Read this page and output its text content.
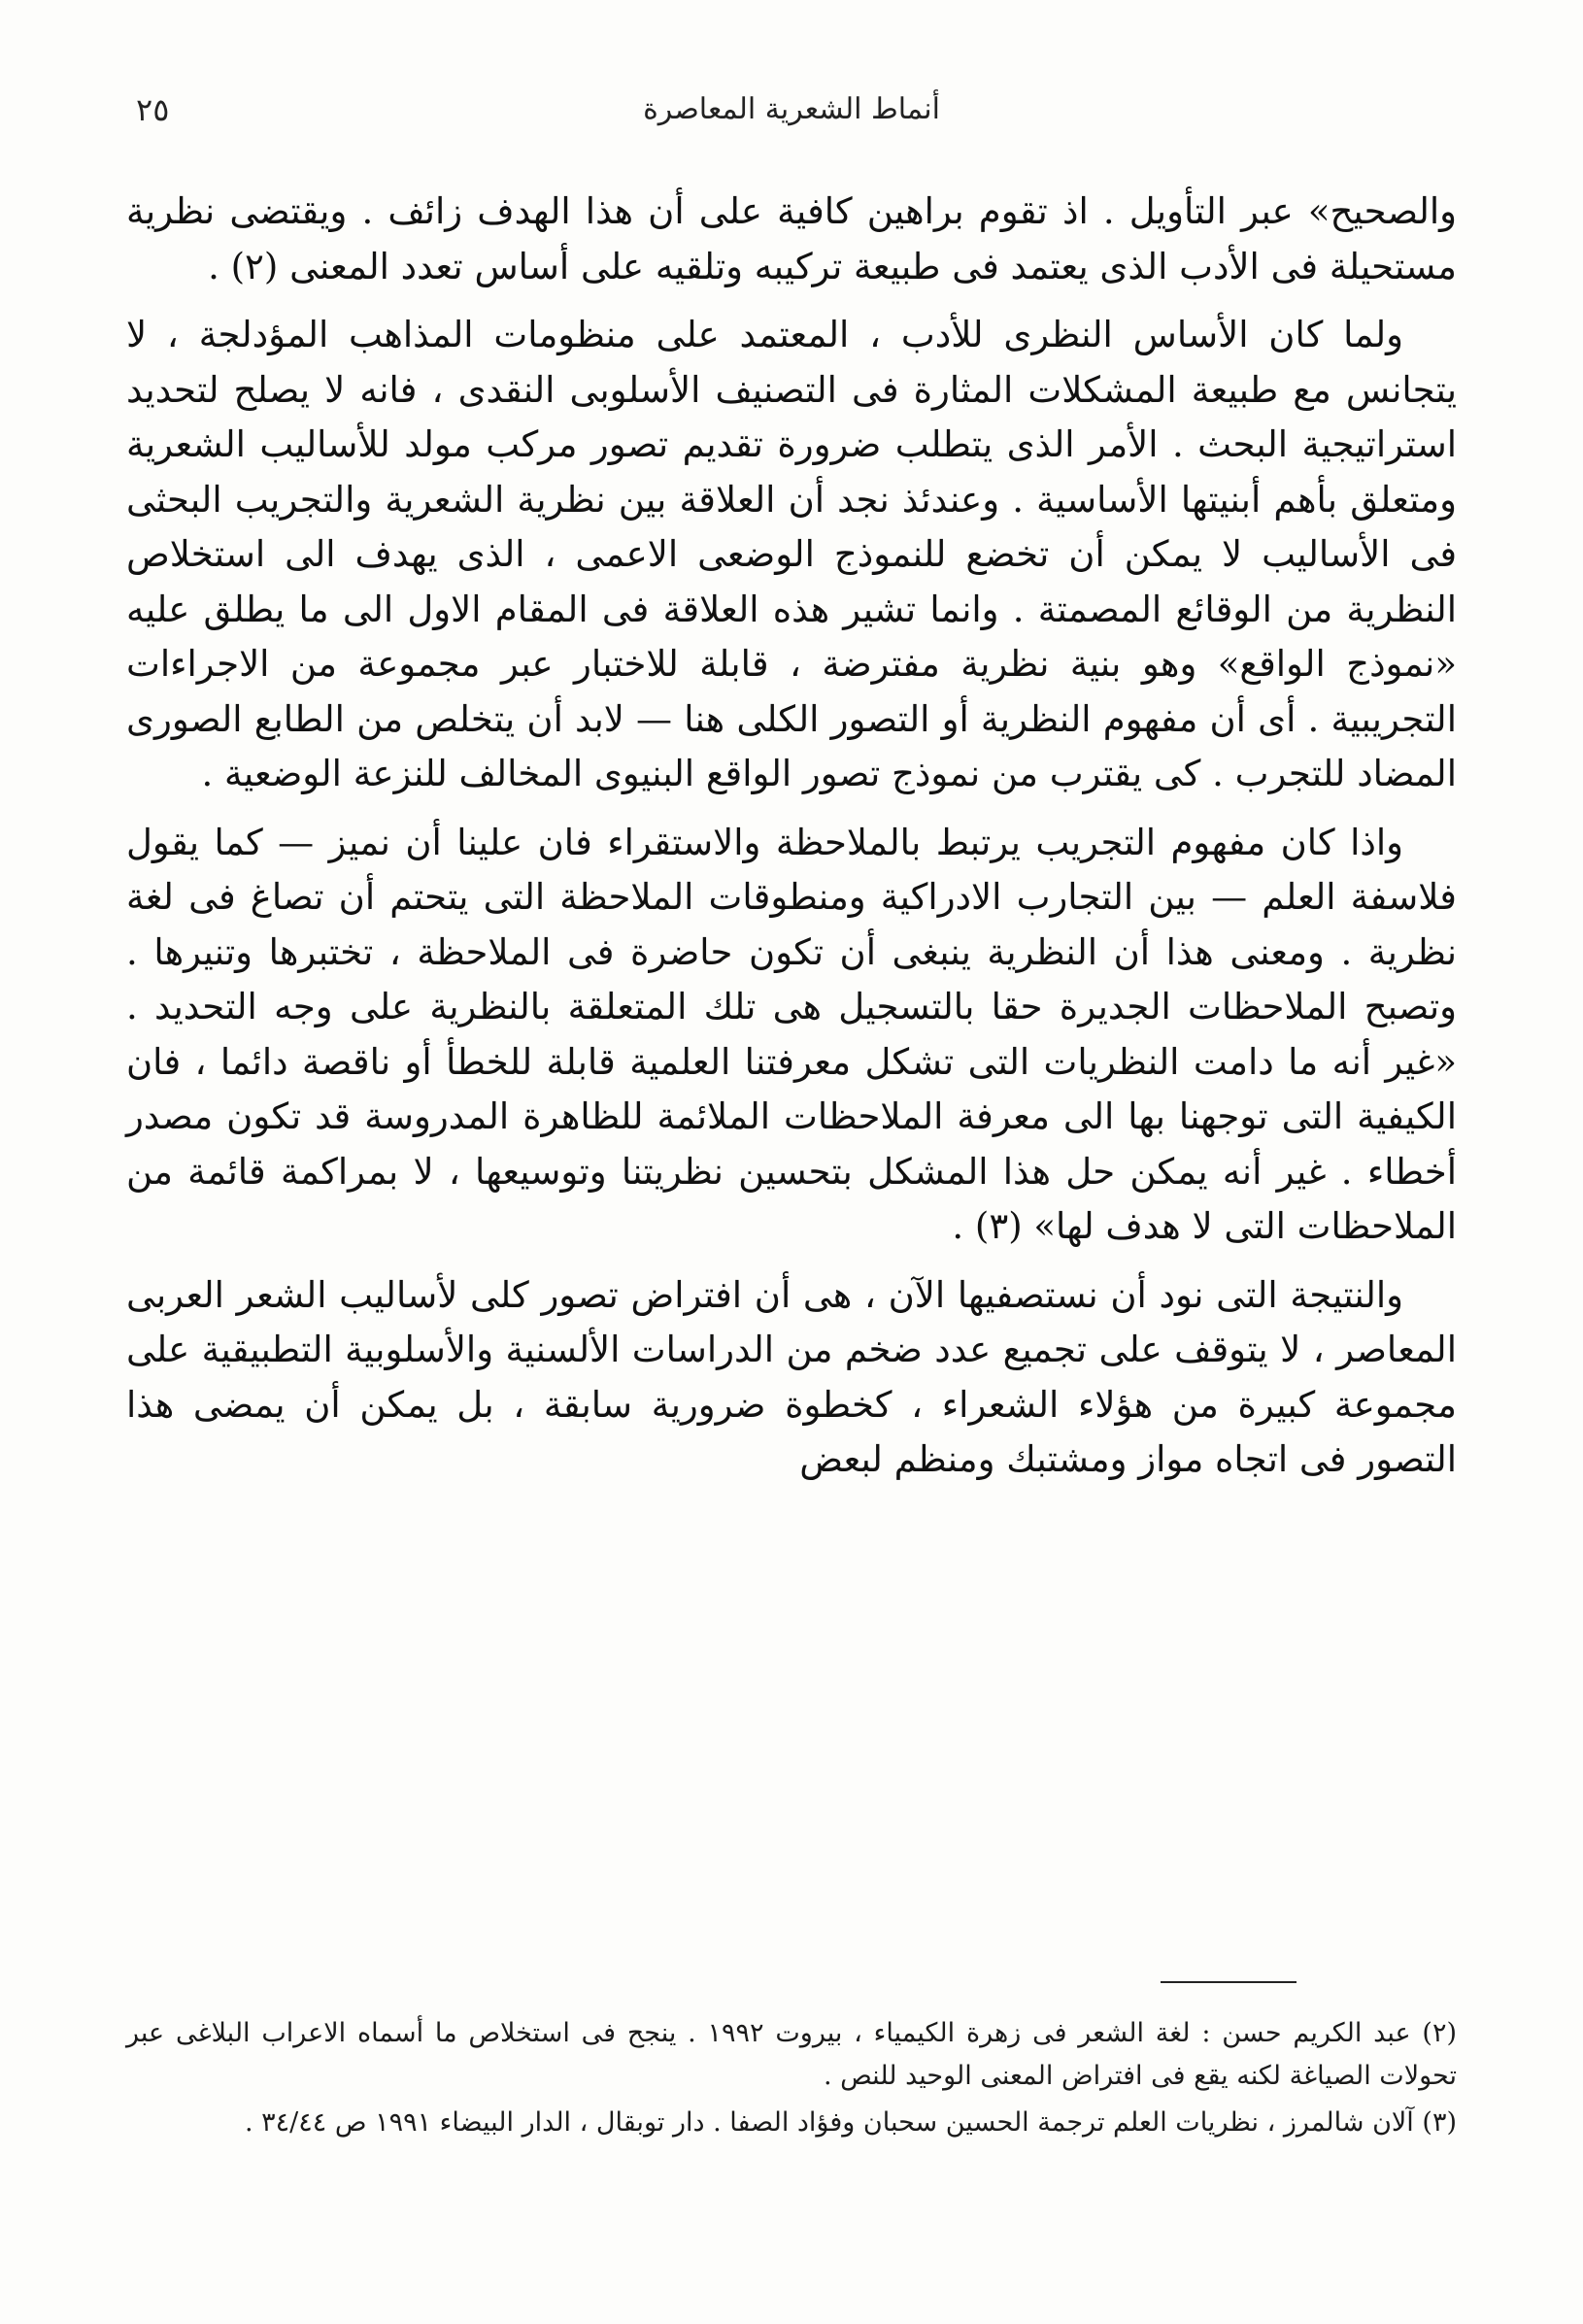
أنماط الشعرية المعاصرة
٢٥

والصحيح» عبر التأويل . اذ تقوم براهين كافية على أن هذا الهدف زائف . ويقتضى نظرية مستحيلة فى الأدب الذى يعتمد فى طبيعة تركيبه وتلقيه على أساس تعدد المعنى (٢) .

ولما كان الأساس النظرى للأدب ، المعتمد على منظومات المذاهب المؤدلجة ، لا يتجانس مع طبيعة المشكلات المثارة فى التصنيف الأسلوبى النقدى ، فانه لا يصلح لتحديد استراتيجية البحث . الأمر الذى يتطلب ضرورة تقديم تصور مركب مولد للأساليب الشعرية ومتعلق بأهم أبنيتها الأساسية . وعندئذ نجد أن العلاقة بين نظرية الشعرية والتجريب البحثى فى الأساليب لا يمكن أن تخضع للنموذج الوضعى الاعمى ، الذى يهدف الى استخلاص النظرية من الوقائع المصمتة . وانما تشير هذه العلاقة فى المقام الاول الى ما يطلق عليه «نموذج الواقع» وهو بنية نظرية مفترضة ، قابلة للاختبار عبر مجموعة من الاجراءات التجريبية . أى أن مفهوم النظرية أو التصور الكلى هنا — لابد أن يتخلص من الطابع الصورى المضاد للتجرب . كى يقترب من نموذج تصور الواقع البنيوى المخالف للنزعة الوضعية .

واذا كان مفهوم التجريب يرتبط بالملاحظة والاستقراء فان علينا أن نميز — كما يقول فلاسفة العلم — بين التجارب الادراكية ومنطوقات الملاحظة التى يتحتم أن تصاغ فى لغة نظرية . ومعنى هذا أن النظرية ينبغى أن تكون حاضرة فى الملاحظة ، تختبرها وتنيرها . وتصبح الملاحظات الجديرة حقا بالتسجيل هى تلك المتعلقة بالنظرية على وجه التحديد . «غير أنه ما دامت النظريات التى تشكل معرفتنا العلمية قابلة للخطأ أو ناقصة دائما ، فان الكيفية التى توجهنا بها الى معرفة الملاحظات الملائمة للظاهرة المدروسة قد تكون مصدر أخطاء . غير أنه يمكن حل هذا المشكل بتحسين نظريتنا وتوسيعها ، لا بمراكمة قائمة من الملاحظات التى لا هدف لها» (٣) .

والنتيجة التى نود أن نستصفيها الآن ، هى أن افتراض تصور كلى لأساليب الشعر العربى المعاصر ، لا يتوقف على تجميع عدد ضخم من الدراسات الألسنية والأسلوبية التطبيقية على مجموعة كبيرة من هؤلاء الشعراء ، كخطوة ضرورية سابقة ، بل يمكن أن يمضى هذا التصور فى اتجاه مواز ومشتبك ومنظم لبعض

(٢) عبد الكريم حسن : لغة الشعر فى زهرة الكيمياء ، بيروت ١٩٩٢ . ينجح فى استخلاص ما أسماه الاعراب البلاغى عبر تحولات الصياغة لكنه يقع فى افتراض المعنى الوحيد للنص .

(٣) آلان شالمرز ، نظريات العلم ترجمة الحسين سحبان وفؤاد الصفا . دار توبقال ، الدار البيضاء ١٩٩١ ص ٣٤/٤٤ .
